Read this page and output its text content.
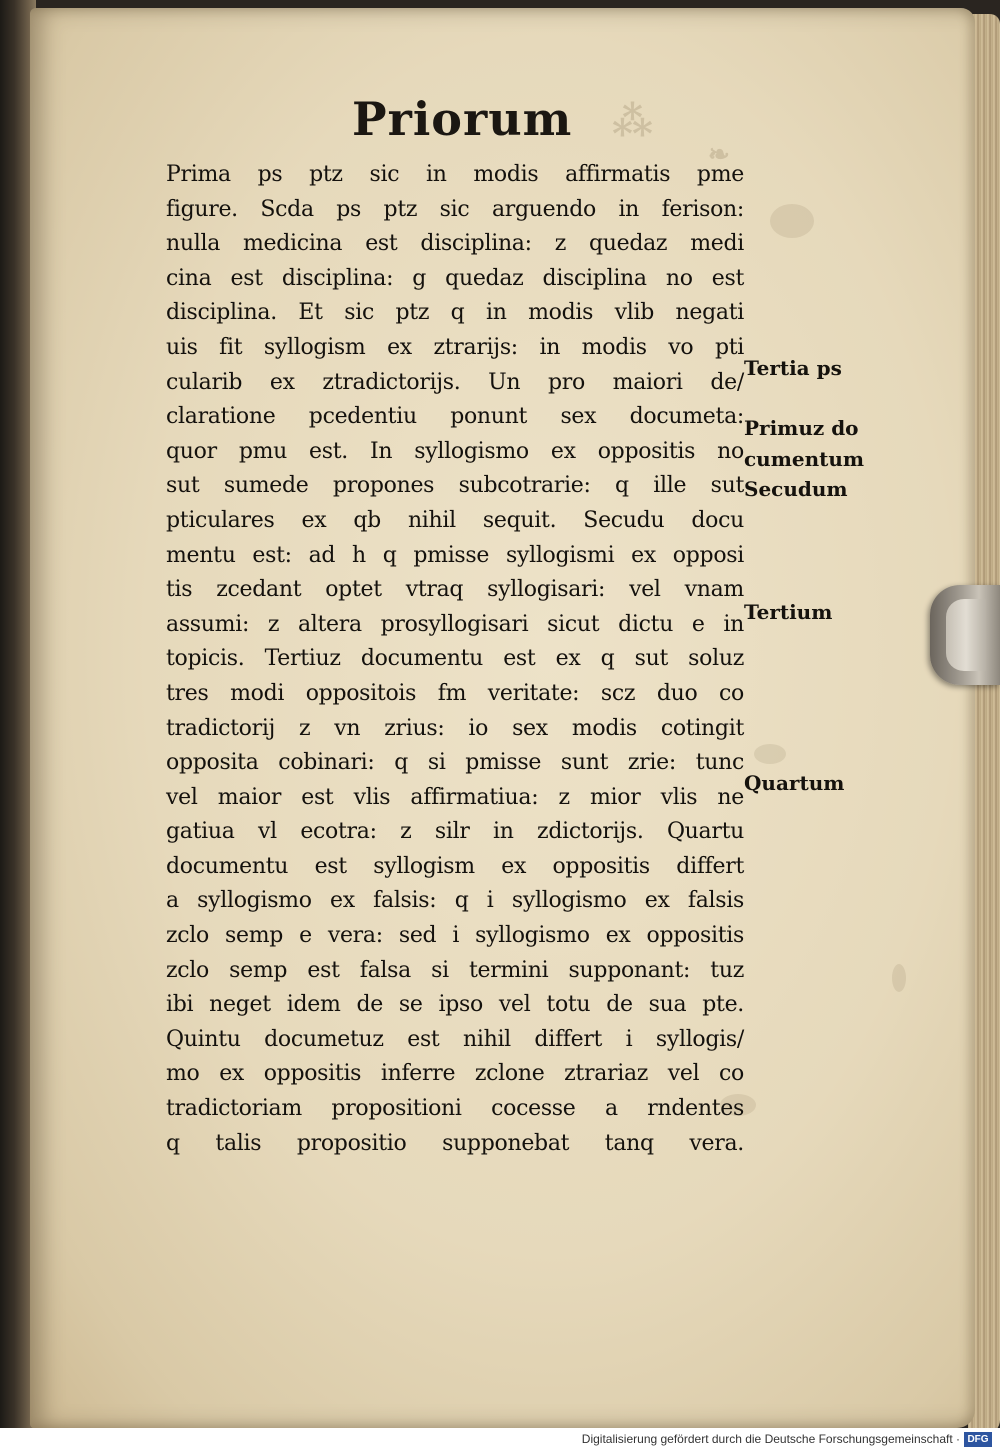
⁂
❧
Priorum
Prima ps ptz sic in modis affirmatis pme
figure. Scda ps ptz sic arguendo in ferison:
nulla medicina est disciplina: z quedaz medi
cina est disciplina: g quedaz disciplina no est
disciplina. Et sic ptz q in modis vlib negati
uis fit syllogism ex ztrarijs: in modis vo pti
cularib ex ztradictorijs. Un pro maiori de/
claratione pcedentiu ponunt sex documeta:
quor pmu est. In syllogismo ex oppositis no
sut sumede propones subcotrarie: q ille sut
pticulares ex qb nihil sequit. Secudu docu
mentu est: ad h q pmisse syllogismi ex opposi
tis zcedant optet vtraq syllogisari: vel vnam
assumi: z altera prosyllogisari sicut dictu e in
topicis. Tertiuz documentu est ex q sut soluz
tres modi oppositois fm veritate: scz duo co
tradictorij z vn zrius: io sex modis cotingit
opposita cobinari: q si pmisse sunt zrie: tunc
vel maior est vlis affirmatiua: z mior vlis ne
gatiua vl ecotra: z silr in zdictorijs. Quartu
documentu est syllogism ex oppositis differt
a syllogismo ex falsis: q i syllogismo ex falsis
zclo semp e vera: sed i syllogismo ex oppositis
zclo semp est falsa si termini supponant: tuz
ibi neget idem de se ipso vel totu de sua pte.
Quintu documetuz est nihil differt i syllogis/
mo ex oppositis inferre zclone ztrariaz vel co
tradictoriam propositioni cocesse a rndentes
q talis propositio supponebat tanq vera.
Tertia ps
Primuz do
cumentum
Secudum
Tertium
Quartum
Digitalisierung gefördert durch die Deutsche Forschungsgemeinschaft · DFG
